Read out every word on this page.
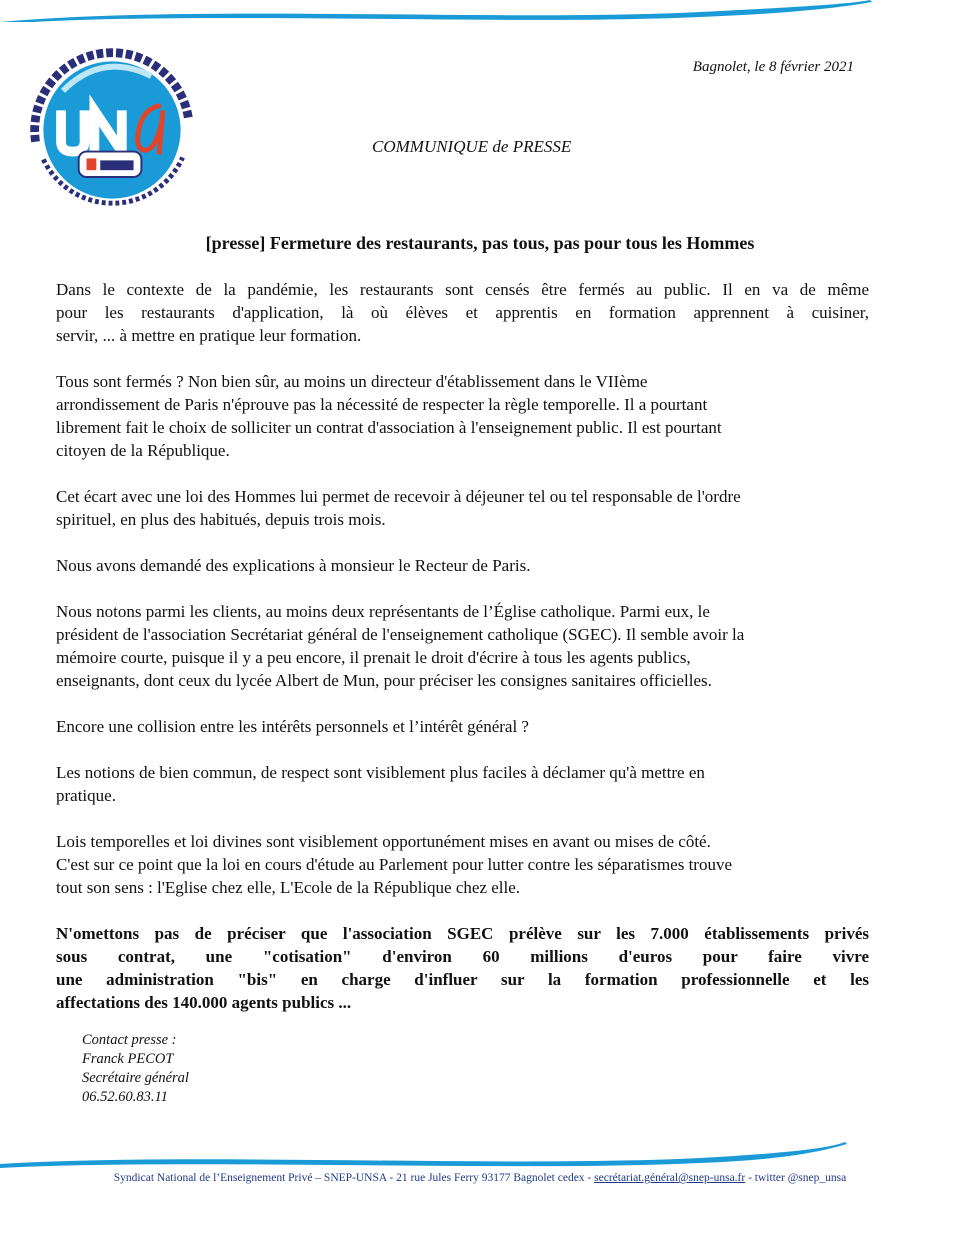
Bagnolet, le 8 février 2021
COMMUNIQUE de PRESSE
[presse] Fermeture des restaurants, pas tous, pas pour tous les Hommes
Dans le contexte de la pandémie, les restaurants sont censés être fermés au public. Il en va de même
pour les restaurants d'application, là où élèves et apprentis en formation apprennent à cuisiner,
servir, ... à mettre en pratique leur formation.
Tous sont fermés ? Non bien sûr, au moins un directeur d'établissement dans le VIIème
arrondissement de Paris n'éprouve pas la nécessité de respecter la règle temporelle. Il a pourtant
librement fait le choix de solliciter un contrat d'association à l'enseignement public. Il est pourtant
citoyen de la République.
Cet écart avec une loi des Hommes lui permet de recevoir à déjeuner tel ou tel responsable de l'ordre
spirituel, en plus des habitués, depuis trois mois.
Nous avons demandé des explications à monsieur le Recteur de Paris.
Nous notons parmi les clients, au moins deux représentants de l’Église catholique. Parmi eux, le
président de l'association Secrétariat général de l'enseignement catholique (SGEC). Il semble avoir la
mémoire courte, puisque il y a peu encore, il prenait le droit d'écrire à tous les agents publics,
enseignants, dont ceux du lycée Albert de Mun, pour préciser les consignes sanitaires officielles.
Encore une collision entre les intérêts personnels et l’intérêt général ?
Les notions de bien commun, de respect sont visiblement plus faciles à déclamer qu'à mettre en
pratique.
Lois temporelles et loi divines sont visiblement opportunément mises en avant ou mises de côté.
C'est sur ce point que la loi en cours d'étude au Parlement pour lutter contre les séparatismes trouve
tout son sens : l'Eglise chez elle, L'Ecole de la République chez elle.
N'omettons pas de préciser que l'association SGEC prélève sur les 7.000 établissements privés
sous contrat, une "cotisation" d'environ 60 millions d'euros pour faire vivre
une administration "bis" en charge d'influer sur la formation professionnelle et les
affectations des 140.000 agents publics ...
Contact presse :
Franck PECOT
Secrétaire général
06.52.60.83.11
Syndicat National de l’Enseignement Privé – SNEP-UNSA - 21 rue Jules Ferry 93177 Bagnolet cedex - secrétariat.général@snep-unsa.fr - twitter @snep_unsa
